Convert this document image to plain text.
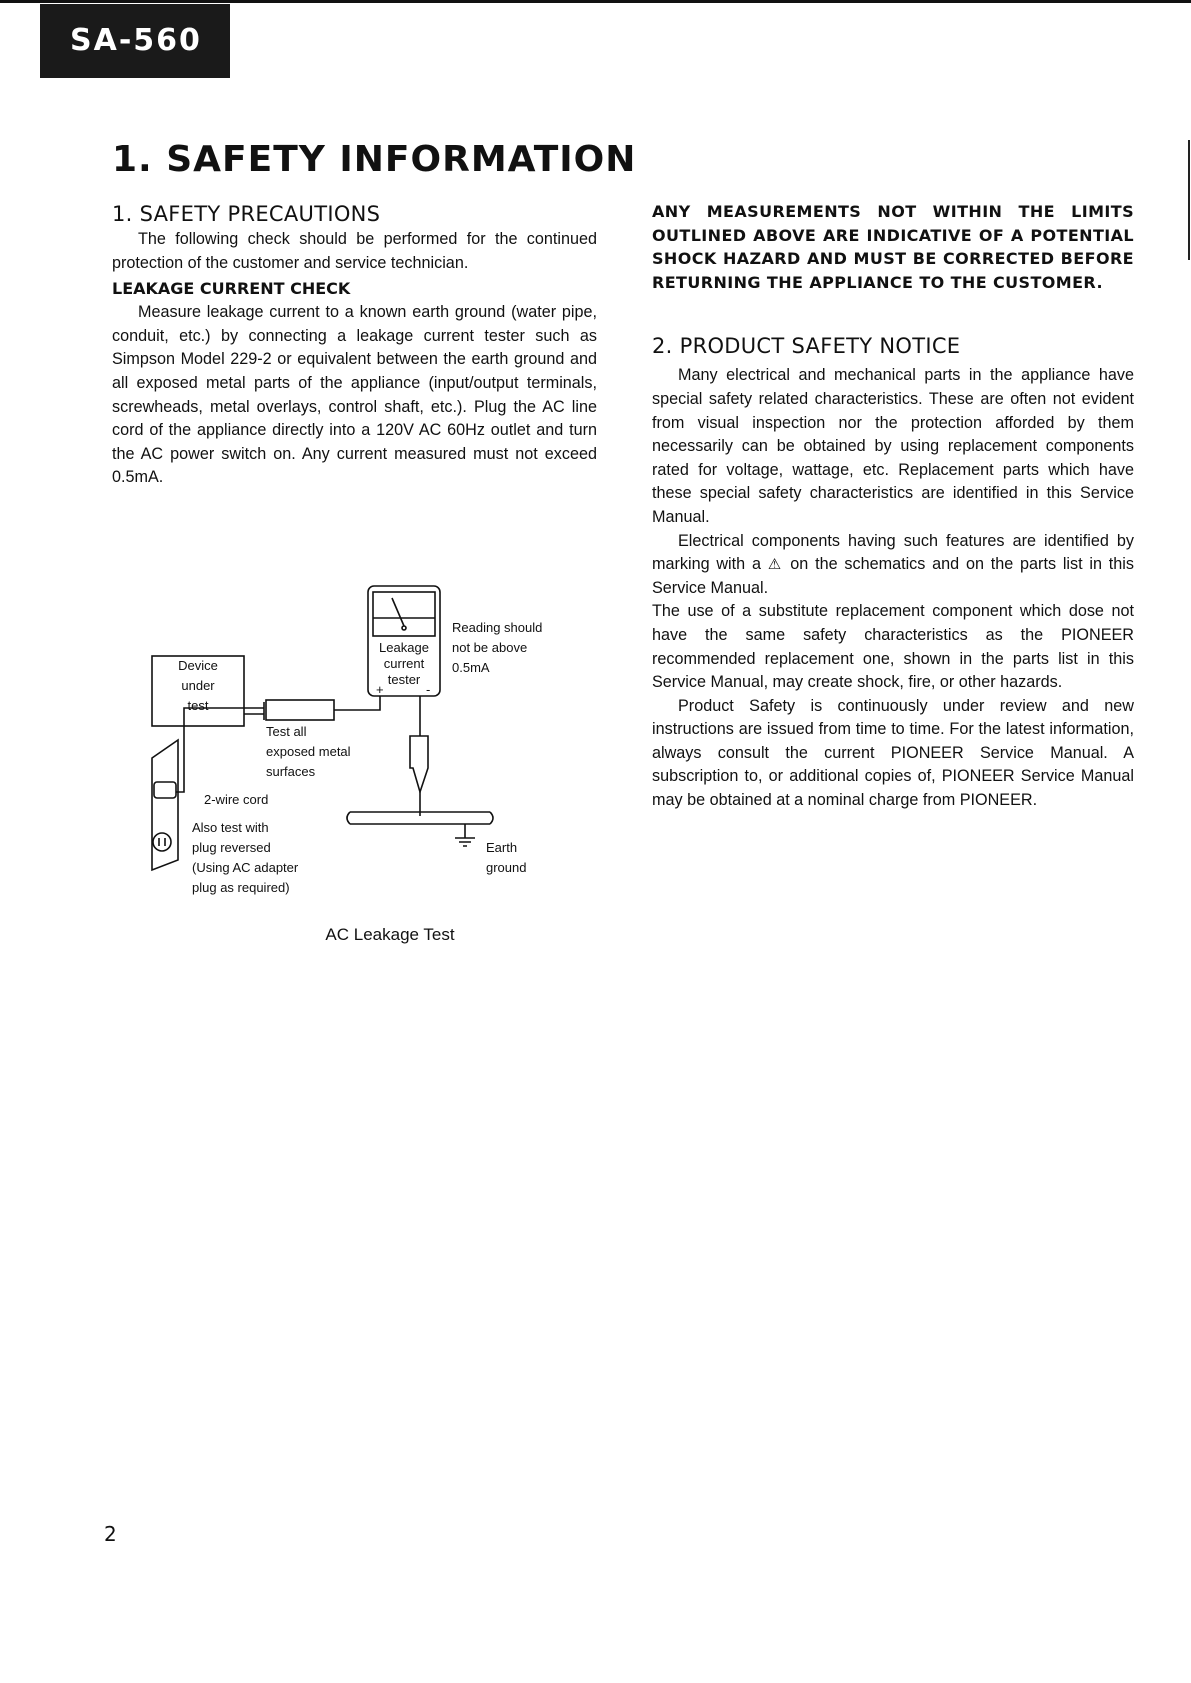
SA-560
1. SAFETY INFORMATION
1. SAFETY PRECAUTIONS

The following check should be performed for the continued protection of the customer and service technician.

LEAKAGE CURRENT CHECK

Measure leakage current to a known earth ground (water pipe, conduit, etc.) by connecting a leakage current tester such as Simpson Model 229-2 or equivalent between the earth ground and all exposed metal parts of the appliance (input/output terminals, screwheads, metal overlays, control shaft, etc.). Plug the AC line cord of the appliance directly into a 120V AC 60Hz outlet and turn the AC power switch on. Any current measured must not exceed 0.5mA.

Device
under
test
Leakage
current
tester
+	-
Reading should
not be above
0.5mA
Test all
exposed metal
surfaces
2-wire cord
Also test with
plug reversed
(Using AC adapter
plug as required)
Earth
ground
AC Leakage Test

ANY MEASUREMENTS NOT WITHIN THE LIMITS OUTLINED ABOVE ARE INDICATIVE OF A POTENTIAL SHOCK HAZARD AND MUST BE CORRECTED BEFORE RETURNING THE APPLIANCE TO THE CUSTOMER.

2. PRODUCT SAFETY NOTICE

Many electrical and mechanical parts in the appliance have special safety related characteristics. These are often not evident from visual inspection nor the protection afforded by them necessarily can be obtained by using replacement components rated for voltage, wattage, etc. Replacement parts which have these special safety characteristics are identified in this Service Manual.

Electrical components having such features are identified by marking with a ⚠ on the schematics and on the parts list in this Service Manual.

The use of a substitute replacement component which dose not have the same safety characteristics as the PIONEER recommended replacement one, shown in the parts list in this Service Manual, may create shock, fire, or other hazards.

Product Safety is continuously under review and new instructions are issued from time to time. For the latest information, always consult the current PIONEER Service Manual. A subscription to, or additional copies of, PIONEER Service Manual may be obtained at a nominal charge from PIONEER.

2
